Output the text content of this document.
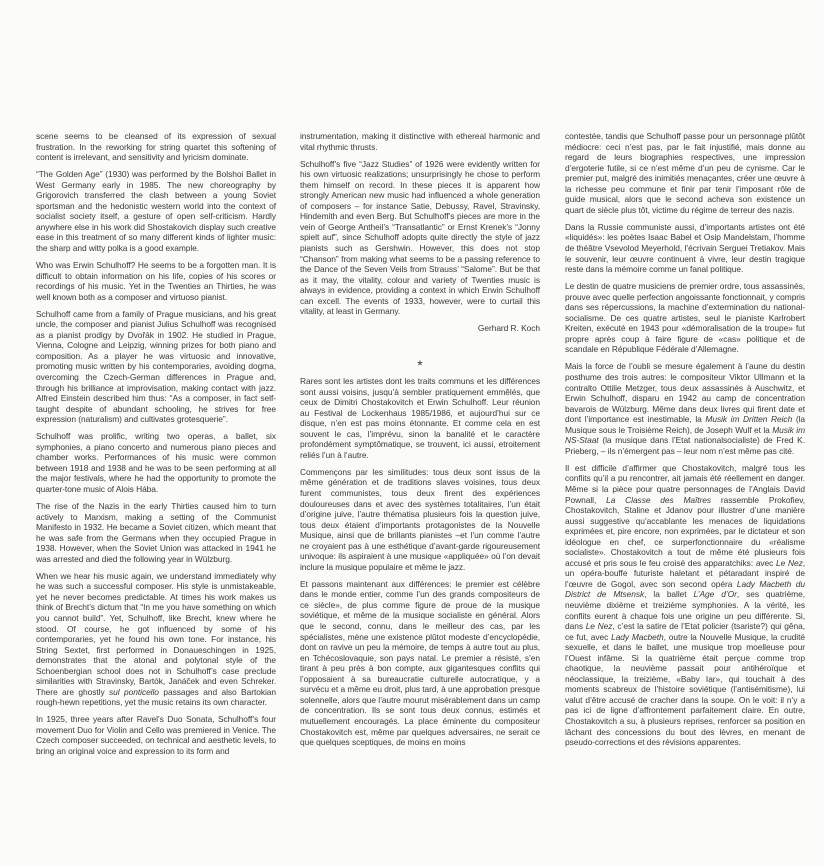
scene seems to be cleansed of its expression of sexual frustration. In the reworking for string quartet this softening of content is irrelevant, and sensitivity and lyricism dominate.

“The Golden Age” (1930) was performed by the Bolshoi Ballet in West Germany early in 1985. The new choreography by Grigorovich transferred the clash between a young Soviet sportsman and the hedonistic western world into the context of socialist society itself, a gesture of open self-criticism. Hardly anywhere else in his work did Shostakovich display such creative ease in this treatment of so many different kinds of lighter music: the sharp and witty polka is a good example.

Who was Erwin Schulhoff? He seems to be a forgotten man. It is difficult to obtain information on his life, copies of his scores or recordings of his music. Yet in the Twenties an Thirties, he was well known both as a composer and virtuoso pianist.

Schulhoff came from a family of Prague musicians, and his great uncle, the composer and pianist Julius Schulhoff was recognised as a pianist prodigy by Dvořák in 1902. He studied in Prague, Vienna, Cologne and Leipzig, winning prizes for both piano and composition. As a player he was virtuosic and innovative, promoting music written by his contemporaries, avoiding dogma, overcoming the Czech-German differences in Prague and, through his brilliance at improvisation, making contact with jazz. Alfred Einstein described him thus: “As a composer, in fact self-taught despite of abundant schooling, he strives for free expression (naturalism) and cultivates grotesquerie”.

Schulhoff was prolific, writing two operas, a ballet, six symphonies, a piano concerto and numerous piano pieces and chamber works. Performances of his music were common between 1918 and 1938 and he was to be seen performing at all the major festivals, where he had the opportunity to promote the quarter-tone music of Alois Hába.

The rise of the Nazis in the early Thirties caused him to turn actively to Marxism, making a setting of the Communist Manifesto in 1932. He became a Soviet citizen, which meant that he was safe from the Germans when they occupied Prague in 1938. However, when the Soviet Union was attacked in 1941 he was arrested and died the following year in Wülzburg.

When we hear his music again, we understand immediately why he was such a successful composer. His style is unmistakeable, yet he never becomes predictable. At times his work makes us think of Brecht’s dictum that “In me you have something on which you cannot build”. Yet, Schulhoff, like Brecht, knew where he stood. Of course, he got influenced by some of his contemporaries, yet he found his own tone. For instance, his String Sextet, first performed in Donaueschingen in 1925, demonstrates that the atonal and polytonal style of the Schoenbergian school does not in Schulhoff’s case preclude similarities with Stravinsky, Bartók, Janáček and even Schreker. There are ghostly sul ponticello passages and also Bartokian rough-hewn repetitions, yet the music retains its own character.

In 1925, three years after Ravel’s Duo Sonata, Schulhoff’s four movement Duo for Violin and Cello was premiered in Venice. The Czech composer succeeded, on technical and aesthetic levels, to bring an original voice and expression to its form and

instrumentation, making it distinctive with ethereal harmonic and vital rhythmic thrusts.

Schulhoff’s five “Jazz Studies” of 1926 were evidently written for his own virtuosic realizations; unsurprisingly he chose to perform them himself on record. In these pieces it is apparent how strongly American new music had influenced a whole generation of composers – for instance Satie, Debussy, Ravel, Stravinsky, Hindemith and even Berg. But Schulhoff’s pieces are more in the vein of George Antheil’s “Transatlantic” or Ernst Krenek’s “Jonny spielt auf”, since Schulhoff adopts quite directly the style of jazz pianists such as Gershwin. However, this does not stop “Chanson” from making what seems to be a passing reference to the Dance of the Seven Veils from Strauss’ “Salome”. But be that as it may, the vitality, colour and variety of Twenties music is always in evidence, providing a context in which Erwin Schulhoff can excell. The events of 1933, however, were to curtail this vitality, at least in Germany.

Gerhard R. Koch

*

Rares sont les artistes dont les traits communs et les différences sont aussi voisins, jusqu’à sembler pratiquement emmêlés, que ceux de Dimitri Chostakovitch et Erwin Schulhoff. Leur réunion au Festival de Lockenhaus 1985/1986, et aujourd’hui sur ce disque, n’en est pas moins étonnante. Et comme cela en est souvent le cas, l’imprévu, sinon la banalité et le caractère profondément symptômatique, se trouvent, ici aussi, etroitement reliés l’un à l’autre.

Commençons par les similitudes: tous deux sont issus de la même génération et de traditions slaves voisines, tous deux furent communistes, tous deux firent des expériences douloureuses dans et avec des systèmes totalitaires, l’un était d’origine juive, l’autre thématisa plusieurs fois la question juive, tous deux étaient d’importants protagonistes de la Nouvelle Musique, ainsi que de brillants pianistes –et l’un comme l’autre ne croyaient pas à une esthétique d’avant-garde rigoureusement univoque: ils aspiraient à une musique «appliquée» où l’on devait inclure la musique populaire et même le jazz.

Et passons maintenant aux différences: le premier est célèbre dans le monde entier, comme l’un des grands compositeurs de ce siècle», de plus comme figure de proue de la musique soviétique, et même de la musique socialiste en général. Alors que le second, connu, dans le meilleur des cas, par les spécialistes, mène une existence plûtot modeste d’encyclopédie, dont on ravive un peu la mémoire, de temps à autre tout au plus, en Tchécoslovaquie, son pays natal. Le premier a résisté, s’en tirant à peu près à bon compte, aux gigantesques conflits qui l’opposaient à sa bureaucratie culturelle autocratique, y a survécu et a même eu droit, plus tard, à une approbation presque solennelle, alors que l’autre mourut misérablement dans un camp de concentration. Ils se sont tous deux connus, estimés et mutuellement encouragés. La place éminente du compositeur Chostakovitch est, même par quelques adversaires, ne serait ce que quelques sceptiques, de moins en moins

contestée, tandis que Schulhoff passe pour un personnage plûtôt médiocre: ceci n’est pas, par le fait injustifié, mais donne au regard de leurs biographies respectives, une impression d’ergoterie futile, si ce n’est même d’un peu de cynisme. Car le premier put, malgré des inimitiés menaçantes, créer une œuvre à la richesse peu commune et finir par tenir l’imposant rôle de guide musical, alors que le second acheva son existence un quart de siècle plus tôt, victime du régime de terreur des nazis.

Dans la Russie communiste aussi, d’importants artistes ont été «liquidés»: les poètes Isaac Babel et Osip Mandelstam, l’homme de théâtre Vsevolod Meyerhold, l’écrivain Serguei Tretiakov. Mais le souvenir, leur œuvre continuent à vivre, leur destin tragique reste dans la mémoire comme un fanal politique.

Le destin de quatre musiciens de premier ordre, tous assassinés, prouve avec quelle perfection angoissante fonctionnait, y compris dans ses répercussions, la machine d’extermination du national-socialisme. De ces quatre artistes, seul le pianiste Karlrobert Kreiten, exécuté en 1943 pour «démoralisation de la troupe» fut propre après coup à faire figure de «cas» politique et de scandale en République Fédérale d’Allemagne.

Mais la force de l’oubli se mesure également à l’aune du destin posthume des trois autres: le compositeur Viktor Ullmann et la contralto Ottilie Metzger, tous deux assassinés à Auschwitz, et Erwin Schulhoff, disparu en 1942 au camp de concentration bavarois de Wülzburg. Même dans deux livres qui firent date et dont l’importance est inestimable, la Musik im Dritten Reich (la Musique sous le Troisième Reich), de Joseph Wulf et la Musik im NS-Staat (la musique dans l’Etat nationalsocialiste) de Fred K. Prieberg, – ils n’émergent pas – leur nom n’est même pas cité.

Il est difficile d’affirmer que Chostakovitch, malgré tous les conflits qu’il a pu rencontrer, ait jamais été réellement en danger. Même si la pièce pour quatre personnages de l’Anglais David Pownall, La Classe des Maîtres rassemble Prokofiev, Chostakovitch, Staline et Jdanov pour illustrer d’une manière aussi suggestive qu’accablante les menaces de liquidations exprimées et, pire encore, non exprimées, par le dictateur et son idéologue en chef, ce surperfonctionnaire du «réalisme socialiste». Chostakovitch a tout de même été plusieurs fois accusé et pris sous le feu croisé des apparatchiks: avec Le Nez, un opéra-bouffe futuriste haletant et pétaradant inspiré de l’œuvre de Gogol, avec son second opéra Lady Macbeth du District de Mtsensk, la ballet L’Age d’Or, ses quatrième, neuvième dixième et treizième symphonies. A la vérité, les conflits eurent à chaque fois une origine un peu différente. Si, dans Le Nez, c’est la satire de l’Etat policier (tsariste?) qui gêna, ce fut, avec Lady Macbeth, outre la Nouvelle Musique, la crudité sexuelle, et dans le ballet, une musique trop moelleuse pour l’Ouest infâme. Si la quatrième était perçue comme trop chaotique, la neuvième passait pour antihéroïque et néoclassique, la treizième, «Baby Iar», qui touchait à des moments scabreux de l’histoire soviétique (l’antisémitisme), lui valut d’être accusé de cracher dans la soupe. On le voit: il n’y a pas ici de ligne d’affrontement parfaitement claire. En outre, Chostakovitch a su, à plusieurs reprises, renforcer sa position en lâchant des concessions du bout des lèvres, en menant de pseudo-corrections et des révisions apparentes.
